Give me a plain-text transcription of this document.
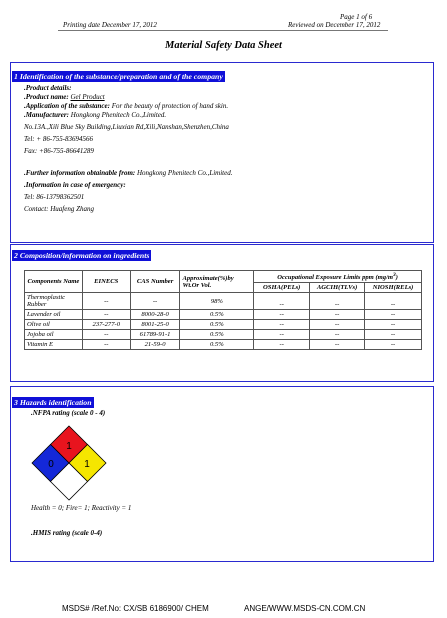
Page 1 of 6
Printing date December 17, 2012	Reviewed on December 17, 2012
Material Safety Data Sheet
1 Identification of the substance/preparation and of the company
.Product details:
.Product name: Gel Product
.Application of the substance: For the beauty of protection of hand skin.
.Manufacturer: Hongkong Phenitech Co.,Limited.
No.13A.,Xili Blue Sky Building,Liuxian Rd,Xili,Nanshan,Shenzhen,China
Tel: + 86-755-83694566
Fax: +86-755-86641289
.Further information obtainable from: Hongkong Phenitech Co.,Limited.
.Information in case of emergency:
Tel: 86-13798362501
Contact: Huafeng Zhang
2 Composition/information on ingredients
Components Name	EINECS	CAS Number	Approximate(%)by Wt.Or Vol.	Occupational Exposure Limits ppm $(mg/m^3)$		
				OSHA(PELs)	AGCIH(TLVs)	NIOSH(RELs)
Thermoplastic Rubber	--	--	98%	--	--	--
Lavender oil	--	8000-28-0	0.5%	--	--	--
Olive oil	237-277-0	8001-25-0	0.5%	--	--	--
Jojoba oil	--	61789-91-1	0.5%	--	--	--
Vitamin E	--	21-59-0	0.5%	--	--	--
3 Hazards identification
.NFPA rating (scale 0 - 4)
1
0	1
Health = 0; Fire= 1; Reactivity = 1
.HMIS rating (scale 0-4)
MSDS# /Ref.No: CX/SB 6186900/ CHEM	ANGE/WWW.MSDS-CN.COM.CN
